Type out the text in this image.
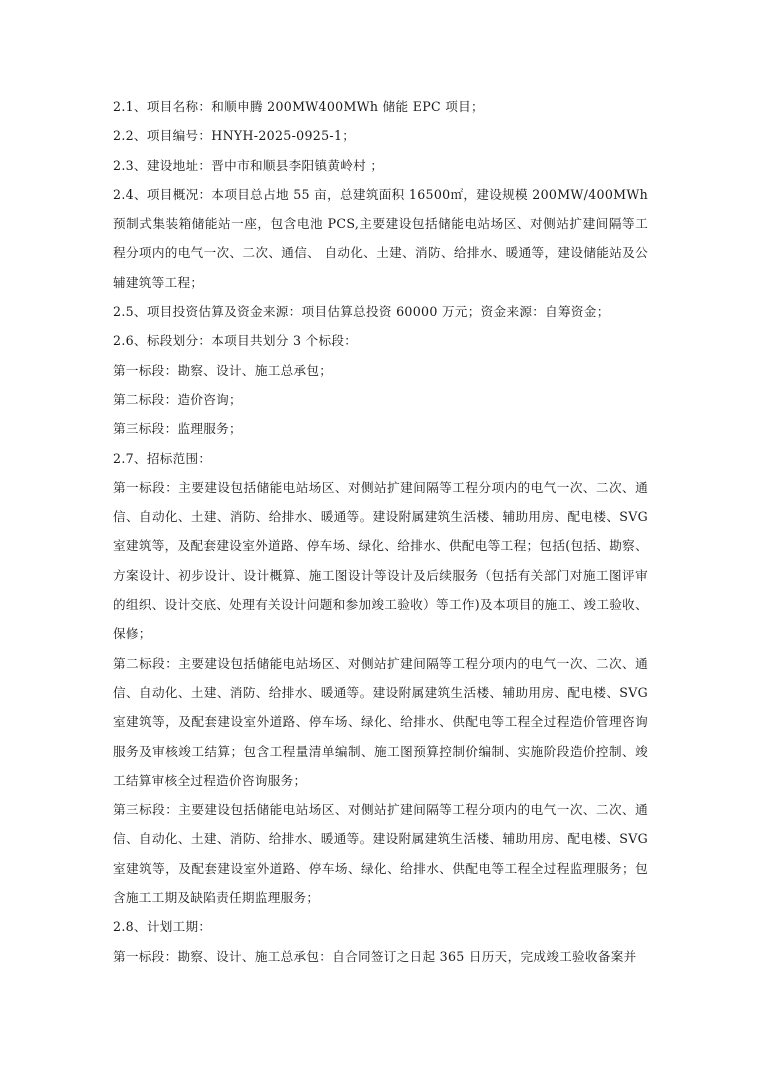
2.1、项目名称：和顺申腾 200MW400MWh 储能 EPC 项目；

2.2、项目编号：HNYH-2025-0925-1；

2.3、建设地址：晋中市和顺县李阳镇黄岭村 ；

2.4、项目概况：本项目总占地 55 亩，总建筑面积 16500㎡，建设规模 200MW/400MWh 预制式集装箱储能站一座，包含电池 PCS,主要建设包括储能电站场区、对侧站扩建间隔等工程分项内的电气一次、二次、通信、 自动化、土建、消防、给排水、暖通等，建设储能站及公辅建筑等工程；

2.5、项目投资估算及资金来源：项目估算总投资 60000 万元；资金来源：自筹资金；

2.6、标段划分：本项目共划分 3 个标段：

第一标段：勘察、设计、施工总承包；

第二标段：造价咨询；

第三标段：监理服务；

2.7、招标范围：

第一标段：主要建设包括储能电站场区、对侧站扩建间隔等工程分项内的电气一次、二次、通信、自动化、土建、消防、给排水、暖通等。建设附属建筑生活楼、辅助用房、配电楼、SVG 室建筑等，及配套建设室外道路、停车场、绿化、给排水、供配电等工程；包括(包括、勘察、方案设计、初步设计、设计概算、施工图设计等设计及后续服务（包括有关部门对施工图评审的组织、设计交底、处理有关设计问题和参加竣工验收）等工作)及本项目的施工、竣工验收、保修；

第二标段：主要建设包括储能电站场区、对侧站扩建间隔等工程分项内的电气一次、二次、通信、自动化、土建、消防、给排水、暖通等。建设附属建筑生活楼、辅助用房、配电楼、SVG 室建筑等，及配套建设室外道路、停车场、绿化、给排水、供配电等工程全过程造价管理咨询服务及审核竣工结算；包含工程量清单编制、施工图预算控制价编制、实施阶段造价控制、竣工结算审核全过程造价咨询服务；

第三标段：主要建设包括储能电站场区、对侧站扩建间隔等工程分项内的电气一次、二次、通信、自动化、土建、消防、给排水、暖通等。建设附属建筑生活楼、辅助用房、配电楼、SVG 室建筑等，及配套建设室外道路、停车场、绿化、给排水、供配电等工程全过程监理服务；包含施工工期及缺陷责任期监理服务；

2.8、计划工期：

第一标段：勘察、设计、施工总承包：自合同签订之日起 365 日历天，完成竣工验收备案并
